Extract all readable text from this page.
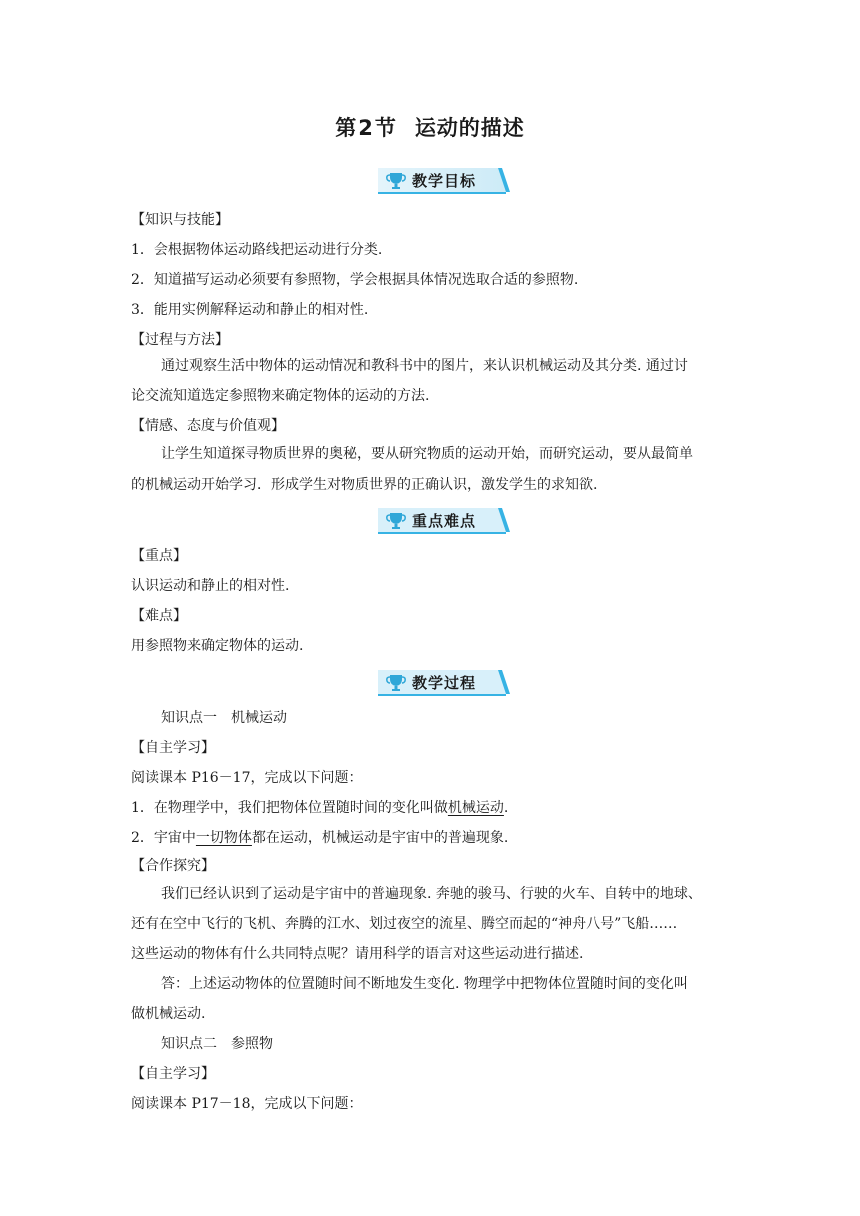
第2节 运动的描述
教学目标
【知识与技能】
1．会根据物体运动路线把运动进行分类.
2．知道描写运动必须要有参照物，学会根据具体情况选取合适的参照物.
3．能用实例解释运动和静止的相对性.
【过程与方法】
通过观察生活中物体的运动情况和教科书中的图片，来认识机械运动及其分类. 通过讨
论交流知道选定参照物来确定物体的运动的方法.
【情感、态度与价值观】
让学生知道探寻物质世界的奥秘，要从研究物质的运动开始，而研究运动，要从最简单
的机械运动开始学习．形成学生对物质世界的正确认识，激发学生的求知欲.
重点难点
【重点】
认识运动和静止的相对性.
【难点】
用参照物来确定物体的运动.
教学过程
知识点一　机械运动
【自主学习】
阅读课本 P16－17，完成以下问题：
1．在物理学中，我们把物体位置随时间的变化叫做机械运动.
2．宇宙中一切物体都在运动，机械运动是宇宙中的普遍现象.
【合作探究】
我们已经认识到了运动是宇宙中的普遍现象. 奔驰的骏马、行驶的火车、自转中的地球、
还有在空中飞行的飞机、奔腾的江水、划过夜空的流星、腾空而起的“神舟八号”飞船……
这些运动的物体有什么共同特点呢？请用科学的语言对这些运动进行描述.
答：上述运动物体的位置随时间不断地发生变化. 物理学中把物体位置随时间的变化叫
做机械运动.
知识点二　参照物
【自主学习】
阅读课本 P17－18，完成以下问题：
